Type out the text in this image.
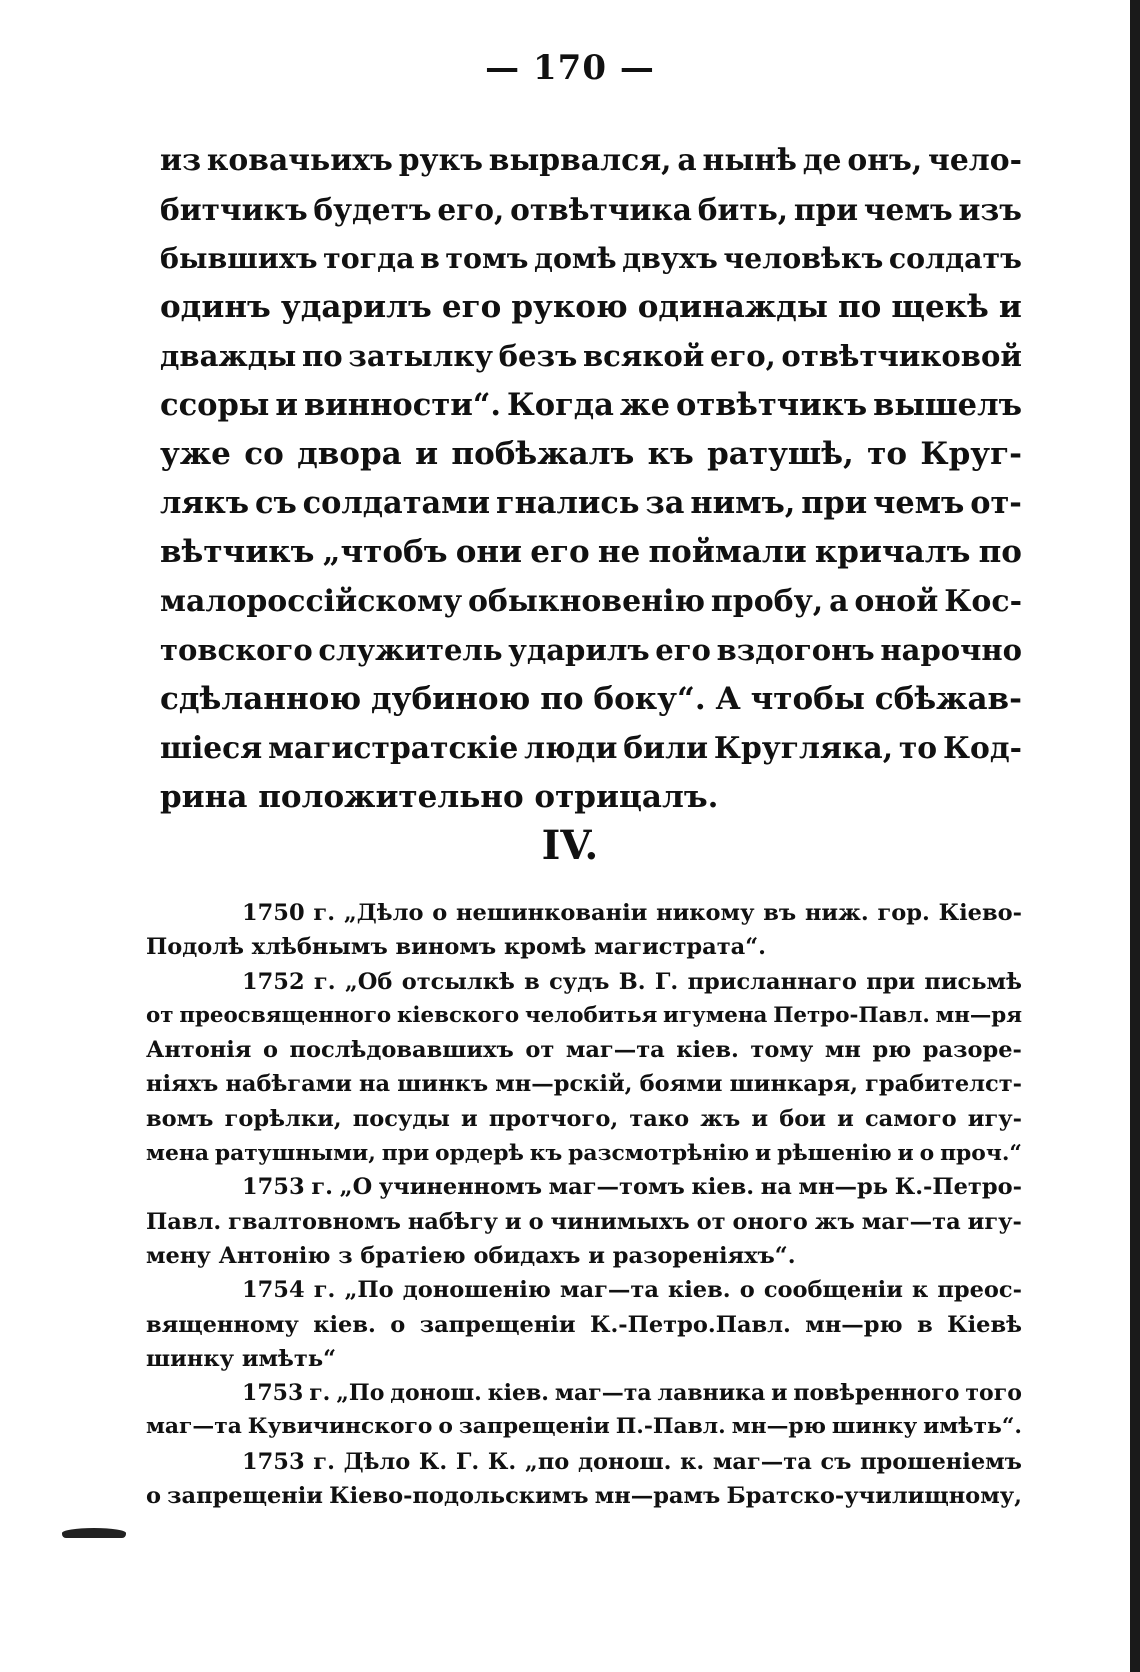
— 170 —
из ковачьихъ рукъ вырвался, а нынѣ де онъ, чело-
битчикъ будетъ его, отвѣтчика бить, при чемъ изъ
бывшихъ тогда в томъ домѣ двухъ человѣкъ солдатъ
одинъ ударилъ его рукою одинажды по щекѣ и
дважды по затылку безъ всякой его, отвѣтчиковой
ссоры и винности“. Когда же отвѣтчикъ вышелъ
уже со двора и побѣжалъ къ ратушѣ, то Круг-
лякъ съ солдатами гнались за нимъ, при чемъ от-
вѣтчикъ „чтобъ они его не поймали кричалъ по
малороссійскому обыкновенію пробу, а оной Кос-
товского служитель ударилъ его вздогонъ нарочно
сдѣланною дубиною по боку“. А чтобы сбѣжав-
шіеся магистратскіе люди били Кругляка, то Код-
рина положительно отрицалъ.
IV.
1750 г. „Дѣло о нешинкованіи никому въ ниж. гор. Кіево-
Подолѣ хлѣбнымъ виномъ кромѣ магистрата“.
1752 г. „Об отсылкѣ в судъ В. Г. присланнаго при письмѣ
от преосвященного кіевского челобитья игумена Петро-Павл. мн—ря
Антонія о послѣдовавшихъ от маг—та кіев. тому мн рю разоре-
ніяхъ набѣгами на шинкъ мн—рскій, боями шинкаря, грабителст-
вомъ горѣлки, посуды и протчого, тако жъ и бои и самого игу-
мена ратушными, при ордерѣ къ разсмотрѣнію и рѣшенію и о проч.“
1753 г. „О учиненномъ маг—томъ кіев. на мн—рь К.-Петро-
Павл. гвалтовномъ набѣгу и о чинимыхъ от оного жъ маг—та игу-
мену Антонію з братіею обидахъ и разореніяхъ“.
1754 г. „По доношенію маг—та кіев. о сообщеніи к преос-
вященному кіев. о запрещеніи К.-Петро.Павл. мн—рю в Кіевѣ
шинку имѣть“
1753 г. „По донош. кіев. маг—та лавника и повѣренного того
маг—та Кувичинского о запрещеніи П.-Павл. мн—рю шинку имѣть“.
1753 г. Дѣло К. Г. К. „по донош. к. маг—та съ прошеніемъ
о запрещеніи Кіево-подольскимъ мн—рамъ Братско-училищному,
